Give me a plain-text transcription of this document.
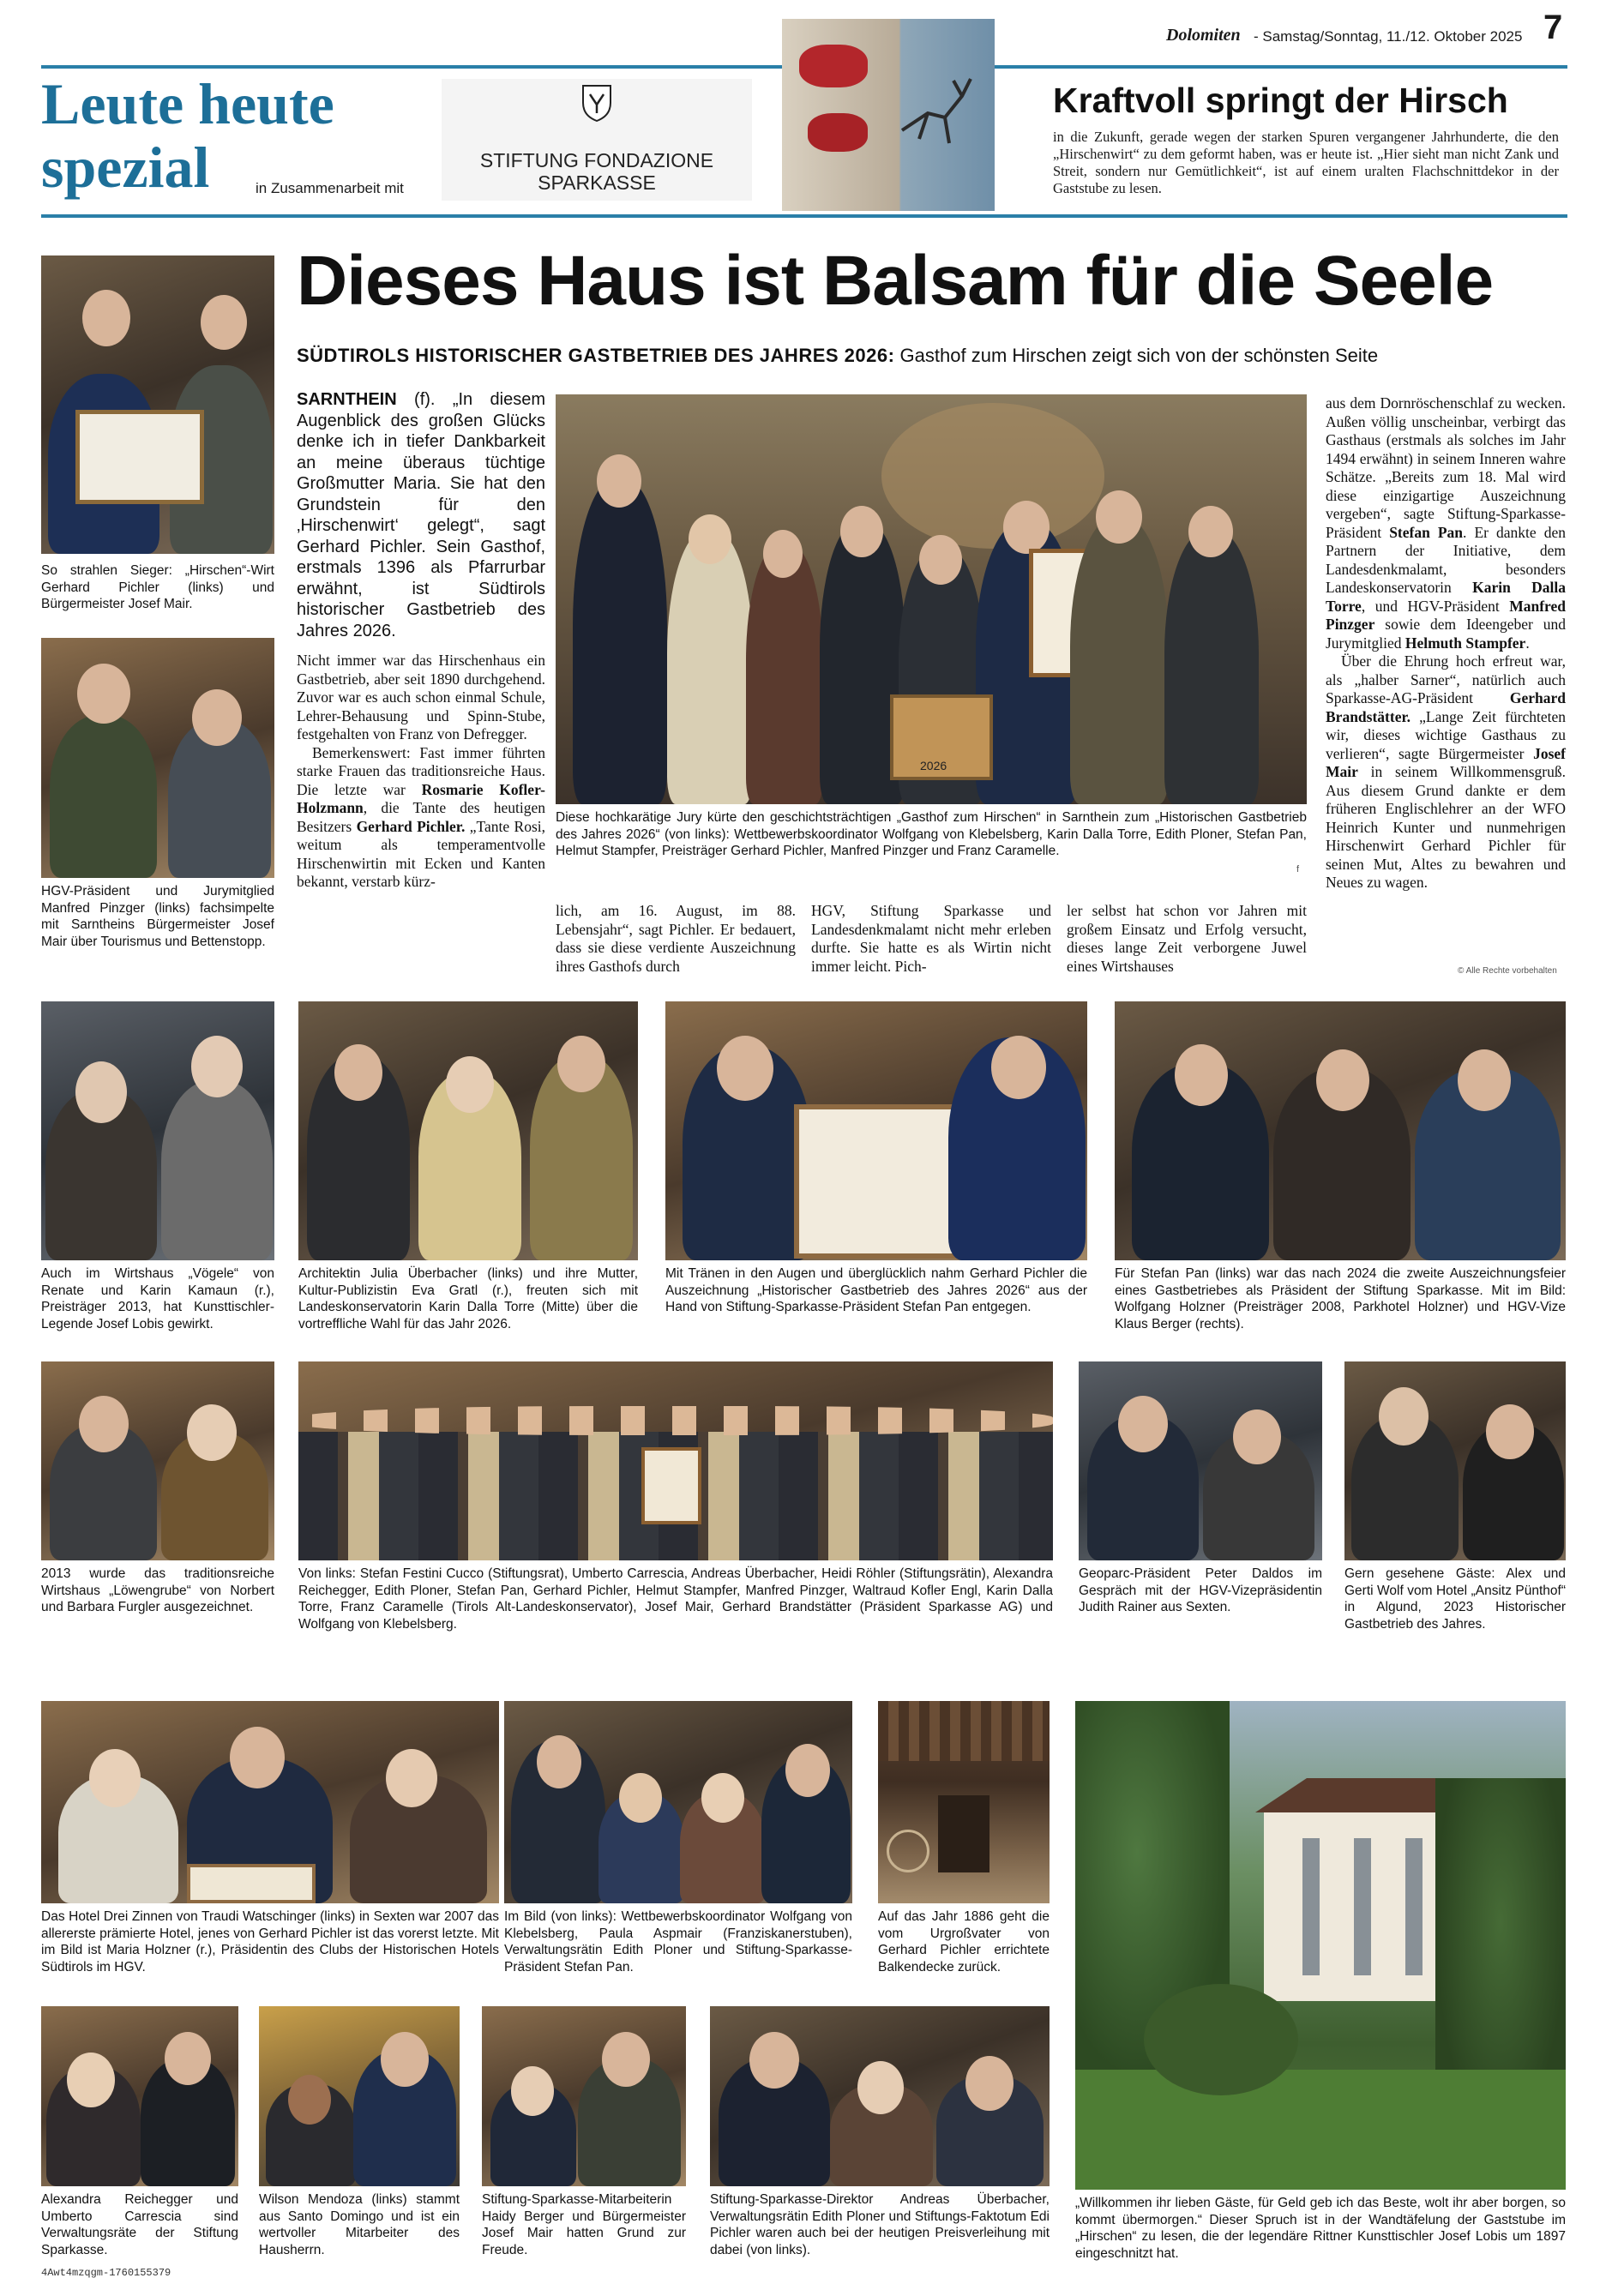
Dolomiten - Samstag/Sonntag, 11./12. Oktober 2025 7
Leute heute
spezial	in Zusammenarbeit mit
STIFTUNG FONDAZIONE
SPARKASSE
Kraftvoll springt der Hirsch
in die Zukunft, gerade wegen der starken Spuren vergangener Jahrhunderte, die den „Hirschenwirt“ zu dem geformt haben, was er heute ist. „Hier sieht man nicht Zank und Streit, sondern nur Gemütlichkeit“, ist auf einem uralten Flachschnittdekor in der Gaststube zu lesen.
Dieses Haus ist Balsam für die Seele
SÜDTIROLS HISTORISCHER GASTBETRIEB DES JAHRES 2026: Gasthof zum Hirschen zeigt sich von der schönsten Seite
So strahlen Sieger: „Hirschen“-Wirt Gerhard Pichler (links) und Bürgermeister Josef Mair.
HGV-Präsident und Jurymitglied Manfred Pinzger (links) fachsimpelte mit Sarntheins Bürgermeister Josef Mair über Tourismus und Bettenstopp.

SARNTHEIN (f). „In diesem Augenblick des großen Glücks denke ich in tiefer Dankbarkeit an meine überaus tüchtige Großmutter Maria. Sie hat den Grundstein für den ‚Hirschenwirt‘ gelegt“, sagt Gerhard Pichler. Sein Gasthof, erstmals 1396 als Pfarrurbar erwähnt, ist Südtirols historischer Gastbetrieb des Jahres 2026.

Nicht immer war das Hirschenhaus ein Gastbetrieb, aber seit 1890 durchgehend. Zuvor war es auch schon einmal Schule, Lehrer-Behausung und Spinn-Stube, festgehalten von Franz von Defregger.

Bemerkenswert: Fast immer führten starke Frauen das traditionsreiche Haus. Die letzte war Rosmarie Kofler-Holzmann, die Tante des heutigen Besitzers Gerhard Pichler. „Tante Rosi, weitum als temperamentvolle Hirschenwirtin mit Ecken und Kanten bekannt, verstarb kürz-

2026
Diese hochkarätige Jury kürte den geschichtsträchtigen „Gasthof zum Hirschen“ in Sarnthein zum „Historischen Gastbetrieb des Jahres 2026“ (von links): Wettbewerbskoordinator Wolfgang von Klebelsberg, Karin Dalla Torre, Edith Ploner, Stefan Pan, Helmut Stampfer, Preisträger Gerhard Pichler, Manfred Pinzger und Franz Caramelle.
f
lich, am 16. August, im 88. Lebensjahr“, sagt Pichler. Er bedauert, dass sie diese verdiente Auszeichnung ihres Gasthofs durch
HGV, Stiftung Sparkasse und Landesdenkmalamt nicht mehr erleben durfte. Sie hatte es als Wirtin nicht immer leicht. Pich-
ler selbst hat schon vor Jahren mit großem Einsatz und Erfolg versucht, dieses lange Zeit verborgene Juwel eines Wirtshauses

aus dem Dornröschenschlaf zu wecken. Außen völlig unscheinbar, verbirgt das Gasthaus (erstmals als solches im Jahr 1494 erwähnt) in seinem Inneren wahre Schätze. „Bereits zum 18. Mal wird diese einzigartige Auszeichnung vergeben“, sagte Stiftung-Sparkasse-Präsident Stefan Pan. Er dankte den Partnern der Initiative, dem Landesdenkmalamt, besonders Landeskonservatorin Karin Dalla Torre, und HGV-Präsident Manfred Pinzger sowie dem Ideengeber und Jurymitglied Helmuth Stampfer.

Über die Ehrung hoch erfreut war, als „halber Sarner“, natürlich auch Sparkasse-AG-Präsident Gerhard Brandstätter. „Lange Zeit fürchteten wir, dieses wichtige Gasthaus zu verlieren“, sagte Bürgermeister Josef Mair in seinem Willkommensgruß. Aus diesem Grund dankte er dem früheren Englischlehrer an der WFO Heinrich Kunter und nunmehrigen Hirschenwirt Gerhard Pichler für seinen Mut, Altes zu bewahren und Neues zu wagen.

© Alle Rechte vorbehalten
Auch im Wirtshaus „Vögele“ von Renate und Karin Kamaun (r.), Preisträger 2013, hat Kunsttischler-Legende Josef Lobis gewirkt.
Architektin Julia Überbacher (links) und ihre Mutter, Kultur-Publizistin Eva Gratl (r.), freuten sich mit Landeskonservatorin Karin Dalla Torre (Mitte) über die vortreffliche Wahl für das Jahr 2026.
Mit Tränen in den Augen und überglücklich nahm Gerhard Pichler die Auszeichnung „Historischer Gastbetrieb des Jahres 2026“ aus der Hand von Stiftung-Sparkasse-Präsident Stefan Pan entgegen.
Für Stefan Pan (links) war das nach 2024 die zweite Auszeichnungsfeier eines Gastbetriebes als Präsident der Stiftung Sparkasse. Mit im Bild: Wolfgang Holzner (Preisträger 2008, Parkhotel Holzner) und HGV-Vize Klaus Berger (rechts).
2013 wurde das traditionsreiche Wirtshaus „Löwengrube“ von Norbert und Barbara Furgler ausgezeichnet.
Von links: Stefan Festini Cucco (Stiftungsrat), Umberto Carrescia, Andreas Überbacher, Heidi Röhler (Stiftungsrätin), Alexandra Reichegger, Edith Ploner, Stefan Pan, Gerhard Pichler, Helmut Stampfer, Manfred Pinzger, Waltraud Kofler Engl, Karin Dalla Torre, Franz Caramelle (Tirols Alt-Landeskonservator), Josef Mair, Gerhard Brandstätter (Präsident Sparkasse AG) und Wolfgang von Klebelsberg.
Geoparc-Präsident Peter Daldos im Gespräch mit der HGV-Vizepräsidentin Judith Rainer aus Sexten.
Gern gesehene Gäste: Alex und Gerti Wolf vom Hotel „Ansitz Pünthof“ in Algund, 2023 Historischer Gastbetrieb des Jahres.
Das Hotel Drei Zinnen von Traudi Watschinger (links) in Sexten war 2007 das allererste prämierte Hotel, jenes von Gerhard Pichler ist das vorerst letzte. Mit im Bild ist Maria Holzner (r.), Präsidentin des Clubs der Historischen Hotels Südtirols im HGV.
Im Bild (von links): Wettbewerbskoordinator Wolfgang von Klebelsberg, Paula Aspmair (Franziskanerstuben), Verwaltungsrätin Edith Ploner und Stiftung-Sparkasse-Präsident Stefan Pan.
Auf das Jahr 1886 geht die vom Urgroßvater von Gerhard Pichler errichtete Balkendecke zurück.
„Willkommen ihr lieben Gäste, für Geld geb ich das Beste, wolt ihr aber borgen, so kommt übermorgen.“ Dieser Spruch ist in der Wandtäfelung der Gaststube im „Hirschen“ zu lesen, die der legendäre Rittner Kunsttischler Josef Lobis um 1897 eingeschnitzt hat.
Alexandra Reichegger und Umberto Carrescia sind Verwaltungsräte der Stiftung Sparkasse.
Wilson Mendoza (links) stammt aus Santo Domingo und ist ein wertvoller Mitarbeiter des Hausherrn.
Stiftung-Sparkasse-Mitarbeiterin Haidy Berger und Bürgermeister Josef Mair hatten Grund zur Freude.
Stiftung-Sparkasse-Direktor Andreas Überbacher, Verwaltungsrätin Edith Ploner und Stiftungs-Faktotum Edi Pichler waren auch bei der heutigen Preisverleihung mit dabei (von links).
4Awt4mzqgm-1760155379
